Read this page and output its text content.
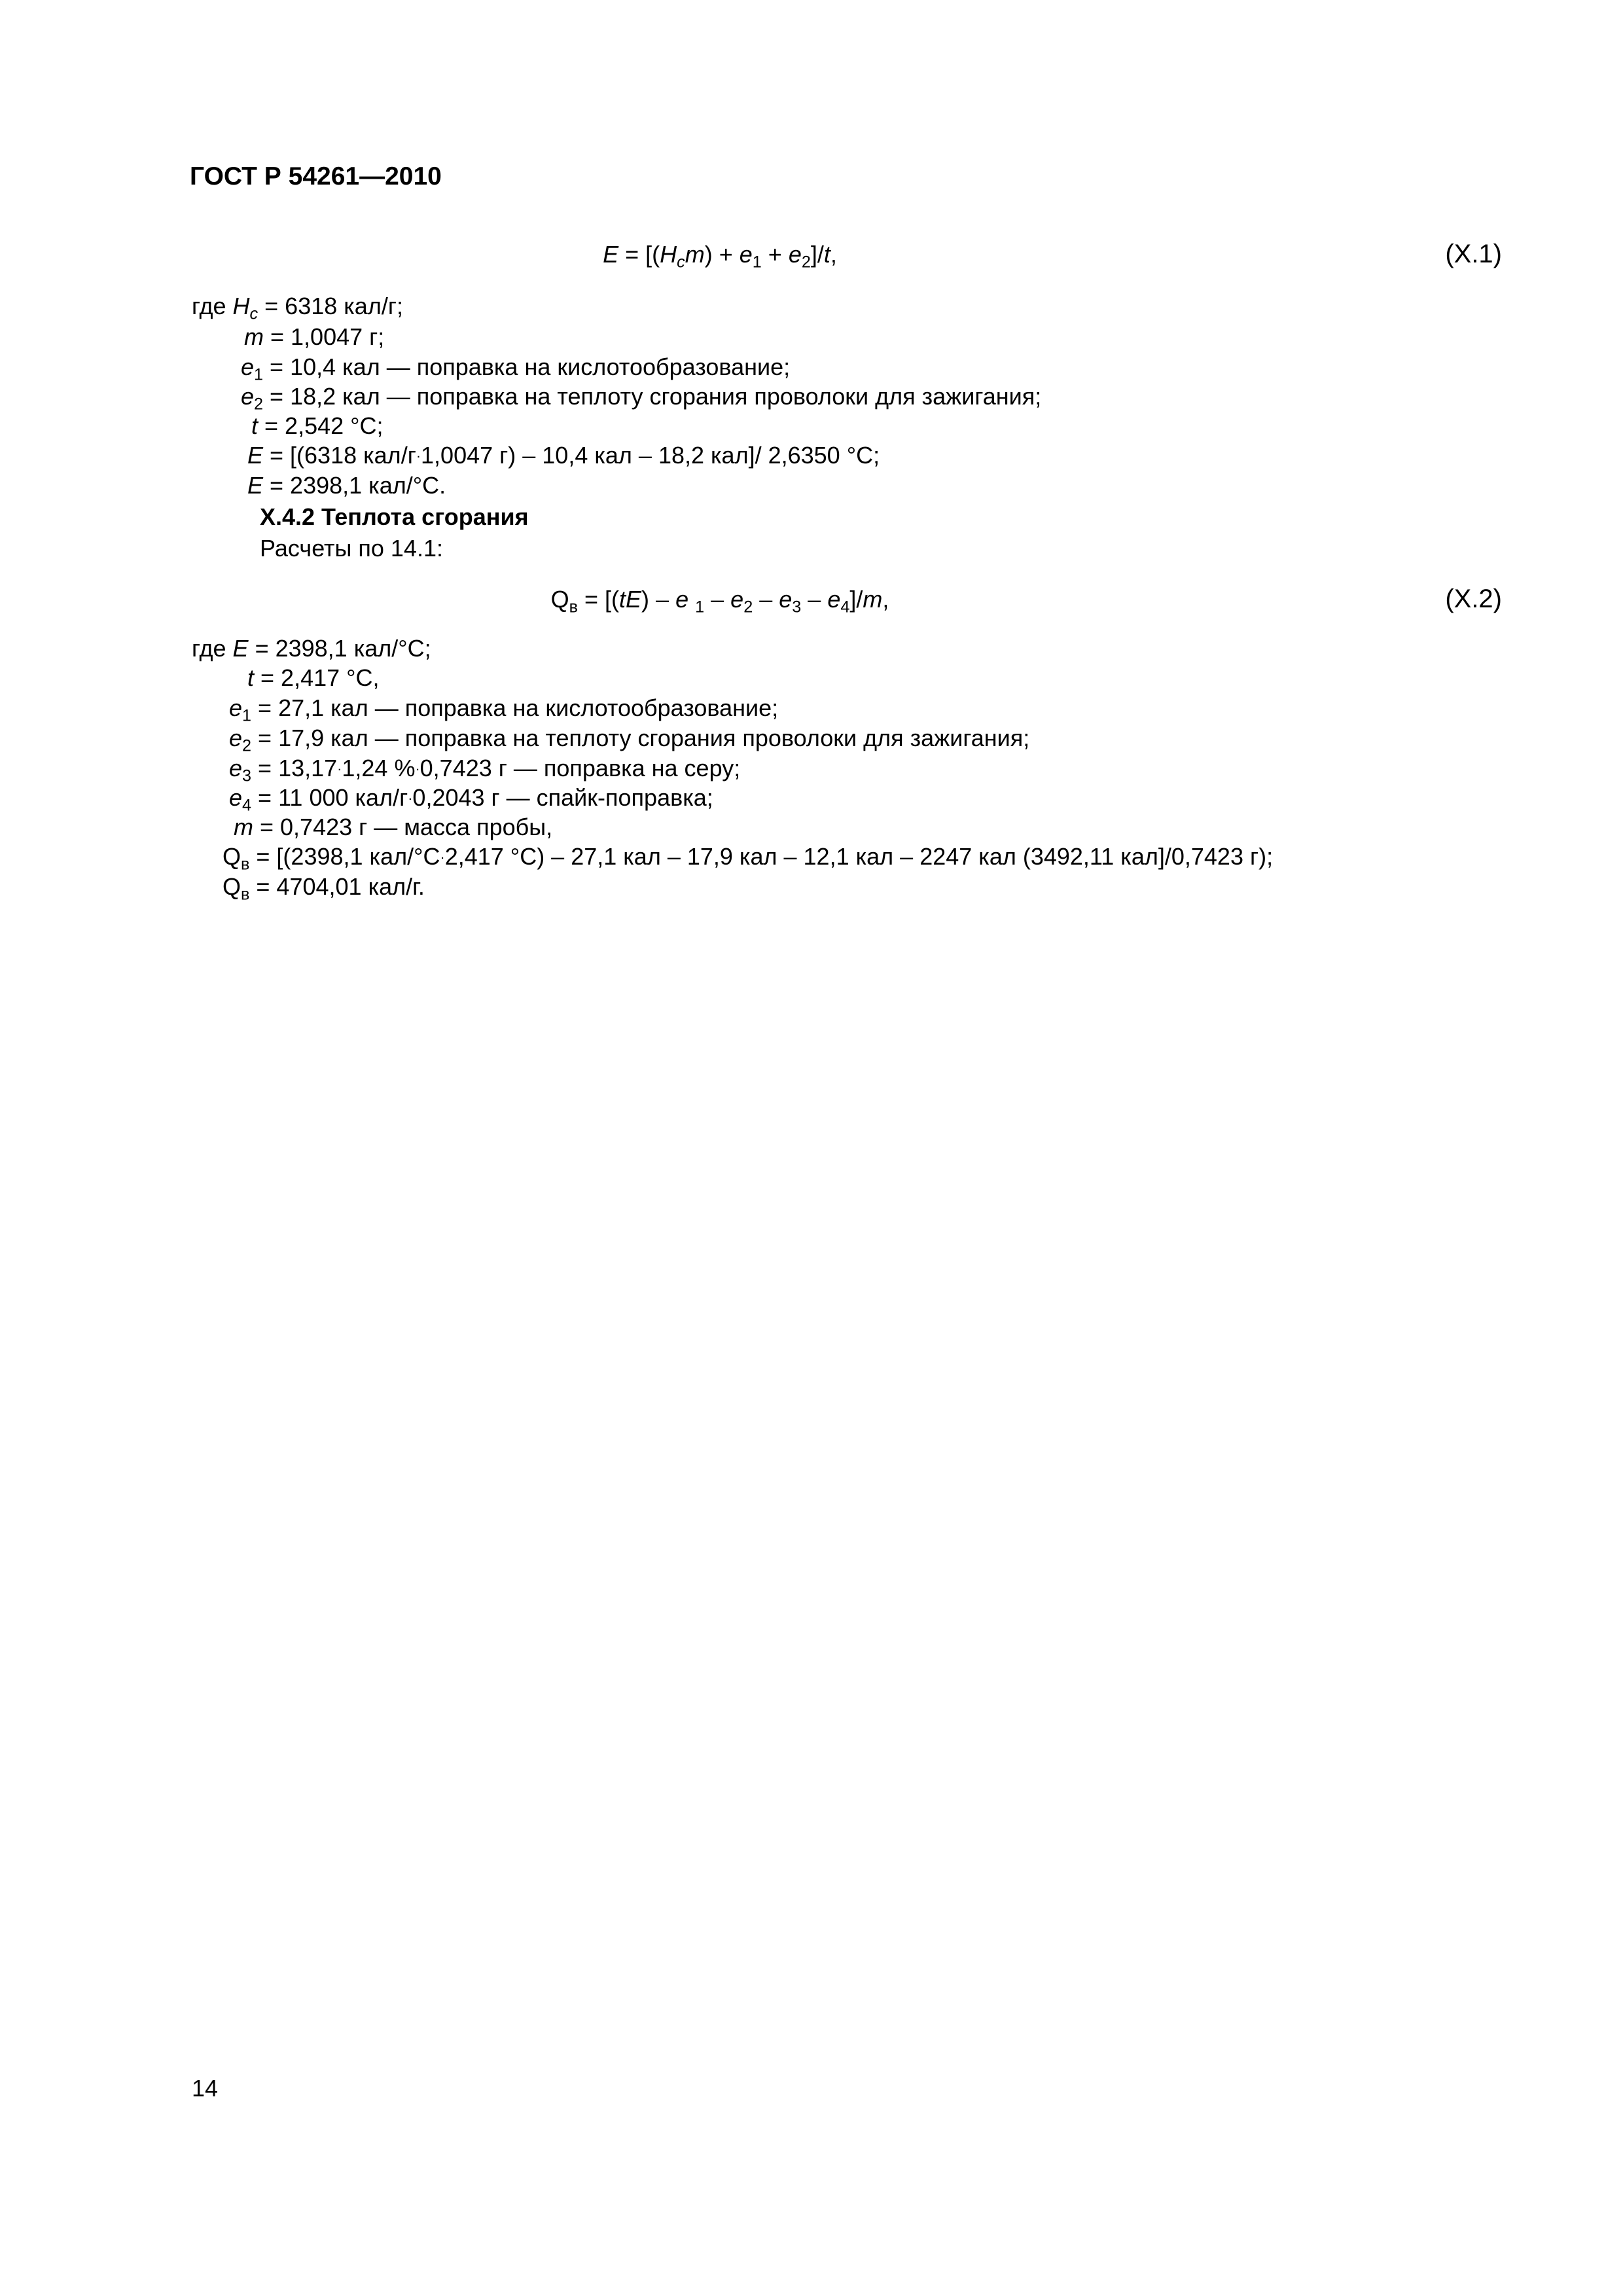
ГОСТ Р 54261—2010
$E = [(H_cm) + e_1 + e_2]/t$,	(X.1)
где $H_c = 6318$ кал/г;
m = 1,0047 г;
$e_1 = 10,4$ кал — поправка на кислотообразование;
$e_2 = 18,2$ кал — поправка на теплоту сгорания проволоки для зажигания;
t = 2,542 °С;
E = [(6318 кал/г·1,0047 г) – 10,4 кал – 18,2 кал]/ 2,6350 °С;
E = 2398,1 кал/°С.
Х.4.2 Теплота сгорания
Расчеты по 14.1:
$Q_в = [(tE) - e$ $_1 - e_2 - e_3 - e_4]/m$,	(X.2)
где E = 2398,1 кал/°С;
t = 2,417 °С,
$e_1 = 27,1$ кал — поправка на кислотообразование;
$e_2 = 17,9$ кал — поправка на теплоту сгорания проволоки для зажигания;
$e_3 = 13,17\cdot 1,24$ %·0,7423 г — поправка на серу;
$e_4 = 11$ 000 кал/г·0,2043 г — спайк-поправка;
m = 0,7423 г — масса пробы,
$Q_в = [(2398,1$ кал/°С·2,417 °С) – 27,1 кал – 17,9 кал – 12,1 кал – 2247 кал (3492,11 кал]/0,7423 г);
$Q_в = 4704,01$ кал/г.
14
